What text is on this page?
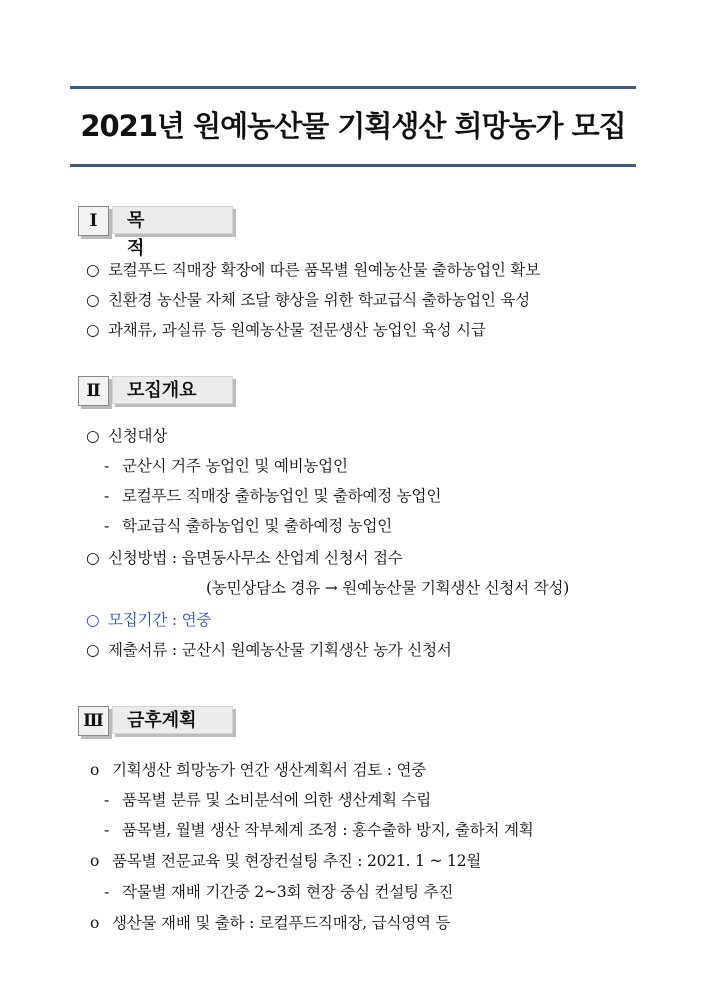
2021년 원예농산물 기획생산 희망농가 모집
Ⅰ	목 적
○ 로컬푸드 직매장 확장에 따른 품목별 원예농산물 출하농업인 확보
○ 친환경 농산물 자체 조달 향상을 위한 학교급식 출하농업인 육성
○ 과채류, 과실류 등 원예농산물 전문생산 농업인 육성 시급
Ⅱ	모집개요
○ 신청대상
- 군산시 거주 농업인 및 예비농업인
- 로컬푸드 직매장 출하농업인 및 출하예정 농업인
- 학교급식 출하농업인 및 출하예정 농업인
○ 신청방법 : 읍면동사무소 산업계 신청서 접수
(농민상담소 경유 → 원예농산물 기획생산 신청서 작성)
○ 모집기간 : 연중
○ 제출서류 : 군산시 원예농산물 기획생산 농가 신청서
Ⅲ	금후계획
o 기획생산 희망농가 연간 생산계획서 검토 : 연중
- 품목별 분류 및 소비분석에 의한 생산계획 수립
- 품목별, 월별 생산 작부체계 조정 : 홍수출하 방지, 출하처 계획
o 품목별 전문교육 및 현장컨설팅 추진 : 2021. 1 ~ 12월
- 작물별 재배 기간중 2~3회 현장 중심 컨설팅 추진
o 생산물 재배 및 출하 : 로컬푸드직매장, 급식영역 등
